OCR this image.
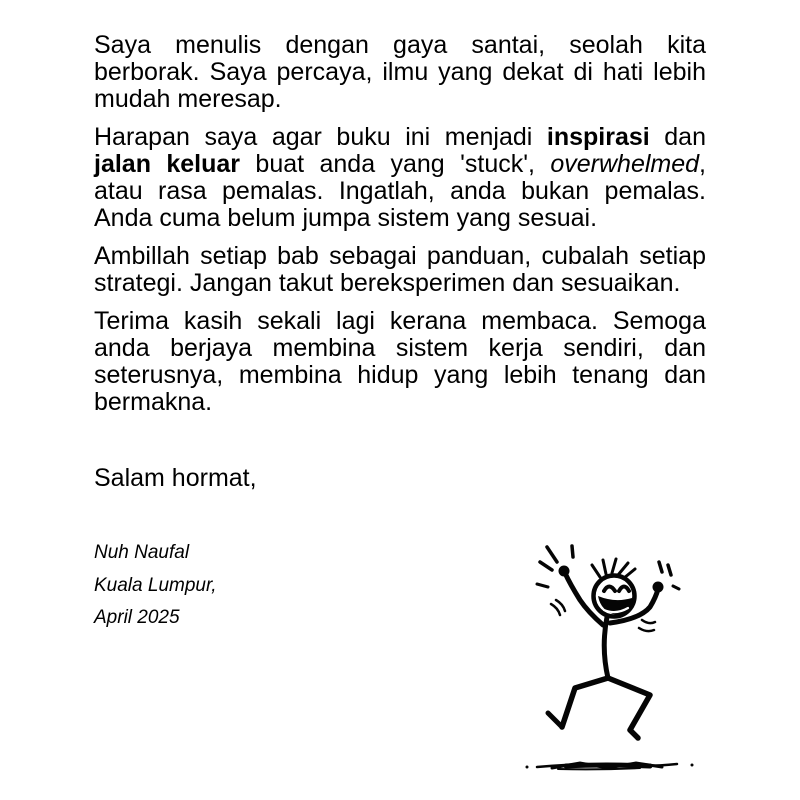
Saya menulis dengan gaya santai, seolah kita berborak. Saya percaya, ilmu yang dekat di hati lebih mudah meresap.

Harapan saya agar buku ini menjadi inspirasi dan jalan keluar buat anda yang 'stuck', overwhelmed, atau rasa pemalas. Ingatlah, anda bukan pemalas. Anda cuma belum jumpa sistem yang sesuai.

Ambillah setiap bab sebagai panduan, cubalah setiap strategi. Jangan takut bereksperimen dan sesuaikan.

Terima kasih sekali lagi kerana membaca. Semoga anda berjaya membina sistem kerja sendiri, dan seterusnya, membina hidup yang lebih tenang dan bermakna.

Salam hormat,

Nuh Naufal

Kuala Lumpur,

April 2025
